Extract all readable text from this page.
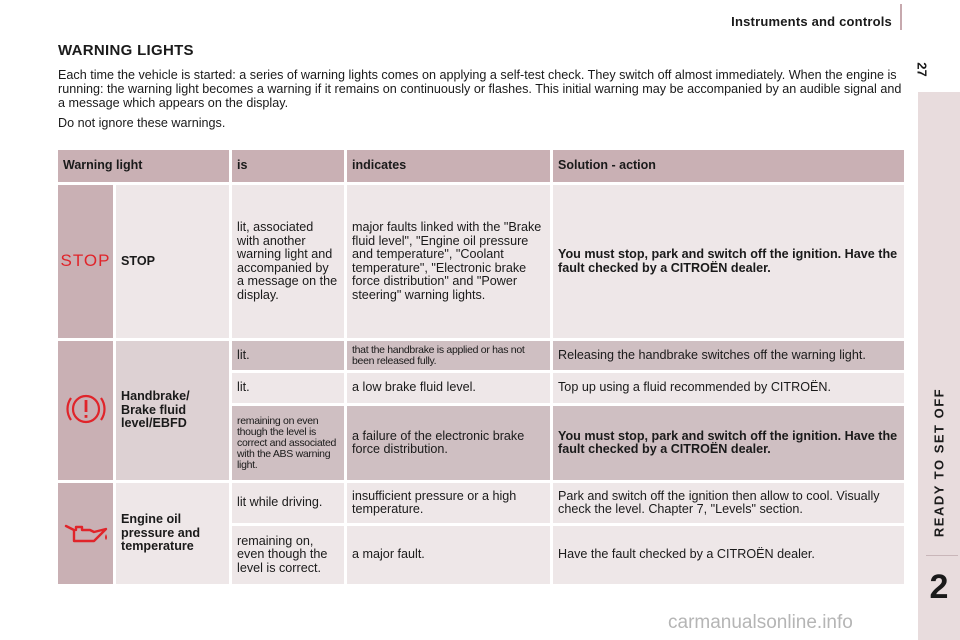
Instruments and controls
27
READY TO SET OFF
2
WARNING LIGHTS

Each time the vehicle is started: a series of warning lights comes on applying a self-test check. They switch off almost immediately. When the engine is running: the warning light becomes a warning if it remains on continuously or flashes. This initial warning may be accompanied by an audible signal and a message which appears on the display.

Do not ignore these warnings.

Warning light		is	indicates	Solution - action
STOP	STOP	lit, associated with another warning light and accompanied by a message on the display.	major faults linked with the "Brake fluid level", "Engine oil pressure and temperature", "Coolant temperature", "Electronic brake force distribution" and "Power steering" warning lights.	You must stop, park and switch off the ignition. Have the fault checked by a CITROËN dealer.
	Handbrake/ Brake fluid level/EBFD	lit.	that the handbrake is applied or has not been released fully.	Releasing the handbrake switches off the warning light.
		lit.	a low brake fluid level.	Top up using a fluid recommended by CITROËN.
		remaining on even though the level is correct and associated with the ABS warning light.	a failure of the electronic brake force distribution.	You must stop, park and switch off the ignition. Have the fault checked by a CITROËN dealer.
	Engine oil pressure and temperature	lit while driving.	insufficient pressure or a high temperature.	Park and switch off the ignition then allow to cool. Visually check the level. Chapter 7, "Levels" section.
		remaining on, even though the level is correct.	a major fault.	Have the fault checked by a CITROËN dealer.
carmanualsonline.info
